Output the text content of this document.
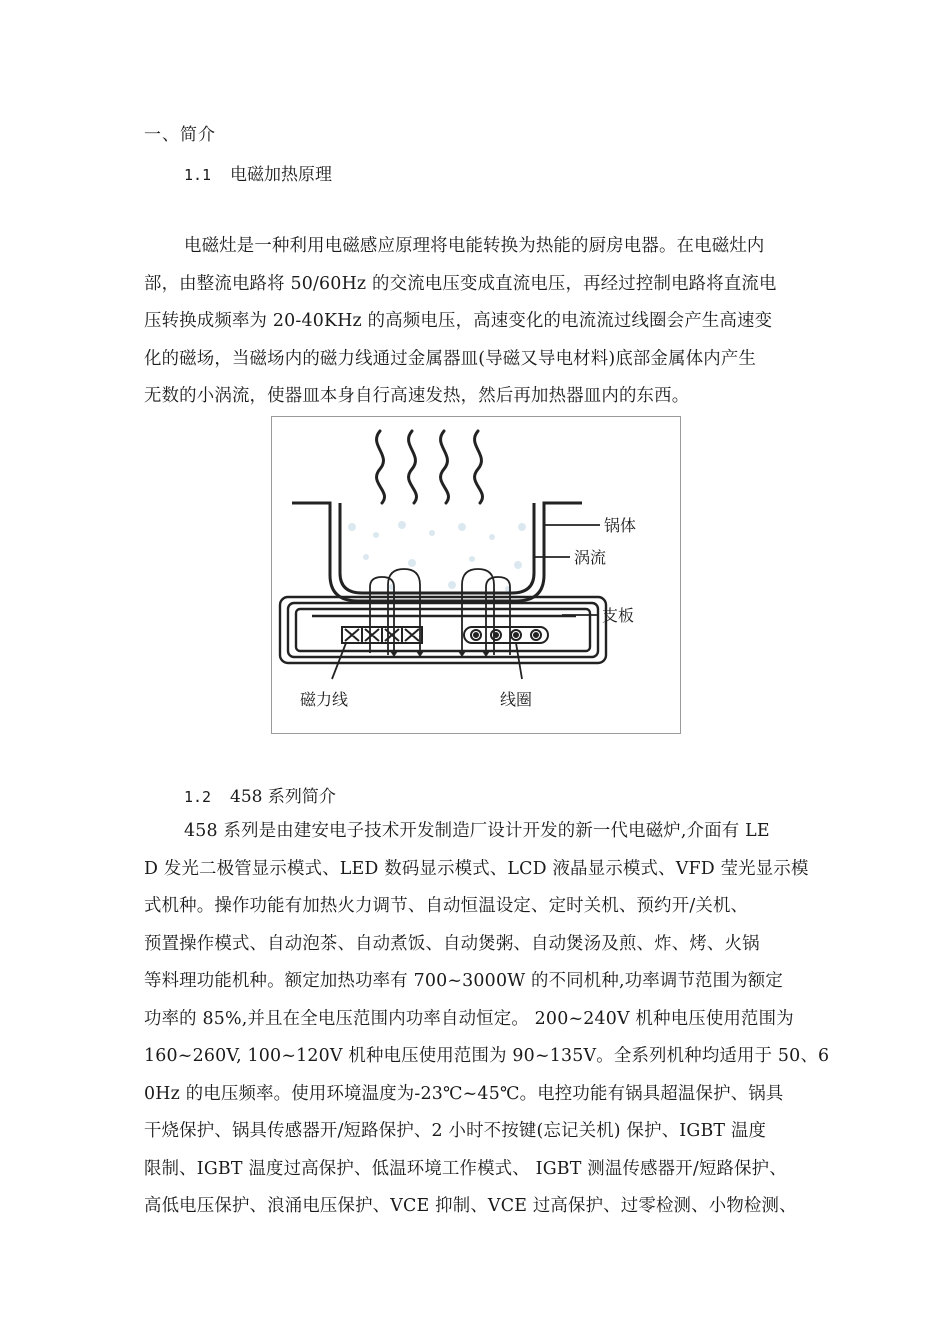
一、简介
1.1 电磁加热原理
电磁灶是一种利用电磁感应原理将电能转换为热能的厨房电器。在电磁灶内
部，由整流电路将 50/60Hz 的交流电压变成直流电压，再经过控制电路将直流电
压转换成频率为 20-40KHz 的高频电压，高速变化的电流流过线圈会产生高速变
化的磁场，当磁场内的磁力线通过金属器皿(导磁又导电材料)底部金属体内产生
无数的小涡流，使器皿本身自行高速发热，然后再加热器皿内的东西。
锅体
涡流
支板
磁力线	线圈
1.2 458 系列简介
458 系列是由建安电子技术开发制造厂设计开发的新一代电磁炉,介面有 LE
D 发光二极管显示模式、LED 数码显示模式、LCD 液晶显示模式、VFD 莹光显示模
式机种。操作功能有加热火力调节、自动恒温设定、定时关机、预约开/关机、
预置操作模式、自动泡茶、自动煮饭、自动煲粥、自动煲汤及煎、炸、烤、火锅
等料理功能机种。额定加热功率有 700~3000W 的不同机种,功率调节范围为额定
功率的 85%,并且在全电压范围内功率自动恒定。 200~240V 机种电压使用范围为
160~260V, 100~120V 机种电压使用范围为 90~135V。全系列机种均适用于 50、6
0Hz 的电压频率。使用环境温度为-23℃~45℃。电控功能有锅具超温保护、锅具
干烧保护、锅具传感器开/短路保护、2 小时不按键(忘记关机) 保护、IGBT 温度
限制、IGBT 温度过高保护、低温环境工作模式、 IGBT 测温传感器开/短路保护、
高低电压保护、浪涌电压保护、VCE 抑制、VCE 过高保护、过零检测、小物检测、
